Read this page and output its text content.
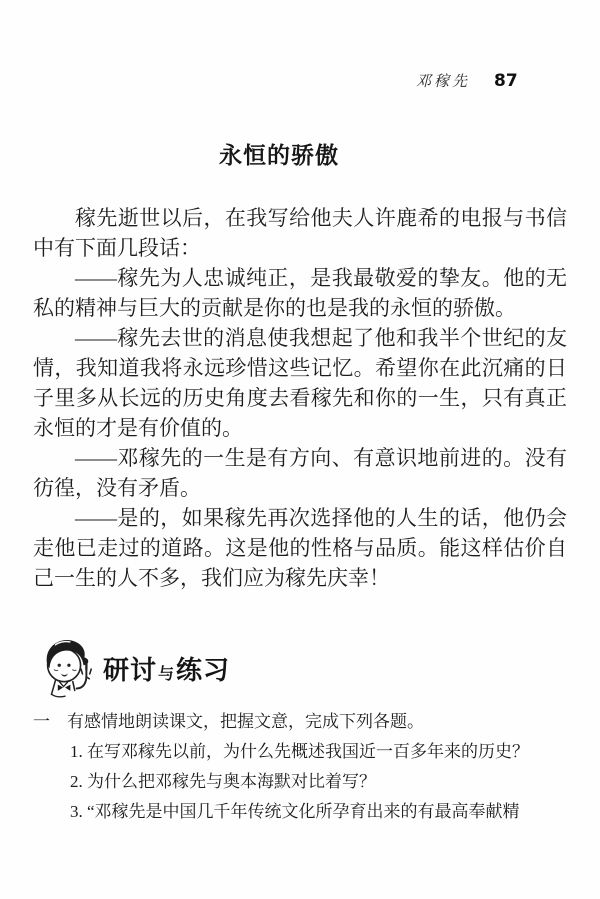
邓稼先 87
永恒的骄傲

稼先逝世以后，在我写给他夫人许鹿希的电报与书信中有下面几段话：

——稼先为人忠诚纯正，是我最敬爱的挚友。他的无私的精神与巨大的贡献是你的也是我的永恒的骄傲。

——稼先去世的消息使我想起了他和我半个世纪的友情，我知道我将永远珍惜这些记忆。希望你在此沉痛的日子里多从长远的历史角度去看稼先和你的一生，只有真正永恒的才是有价值的。

——邓稼先的一生是有方向、有意识地前进的。没有彷徨，没有矛盾。

——是的，如果稼先再次选择他的人生的话，他仍会走他已走过的道路。这是他的性格与品质。能这样估价自己一生的人不多，我们应为稼先庆幸！

研讨与练习
一 有感情地朗读课文，把握文意，完成下列各题。

1. 在写邓稼先以前，为什么先概述我国近一百多年来的历史？

2. 为什么把邓稼先与奥本海默对比着写？

3. “邓稼先是中国几千年传统文化所孕育出来的有最高奉献精
